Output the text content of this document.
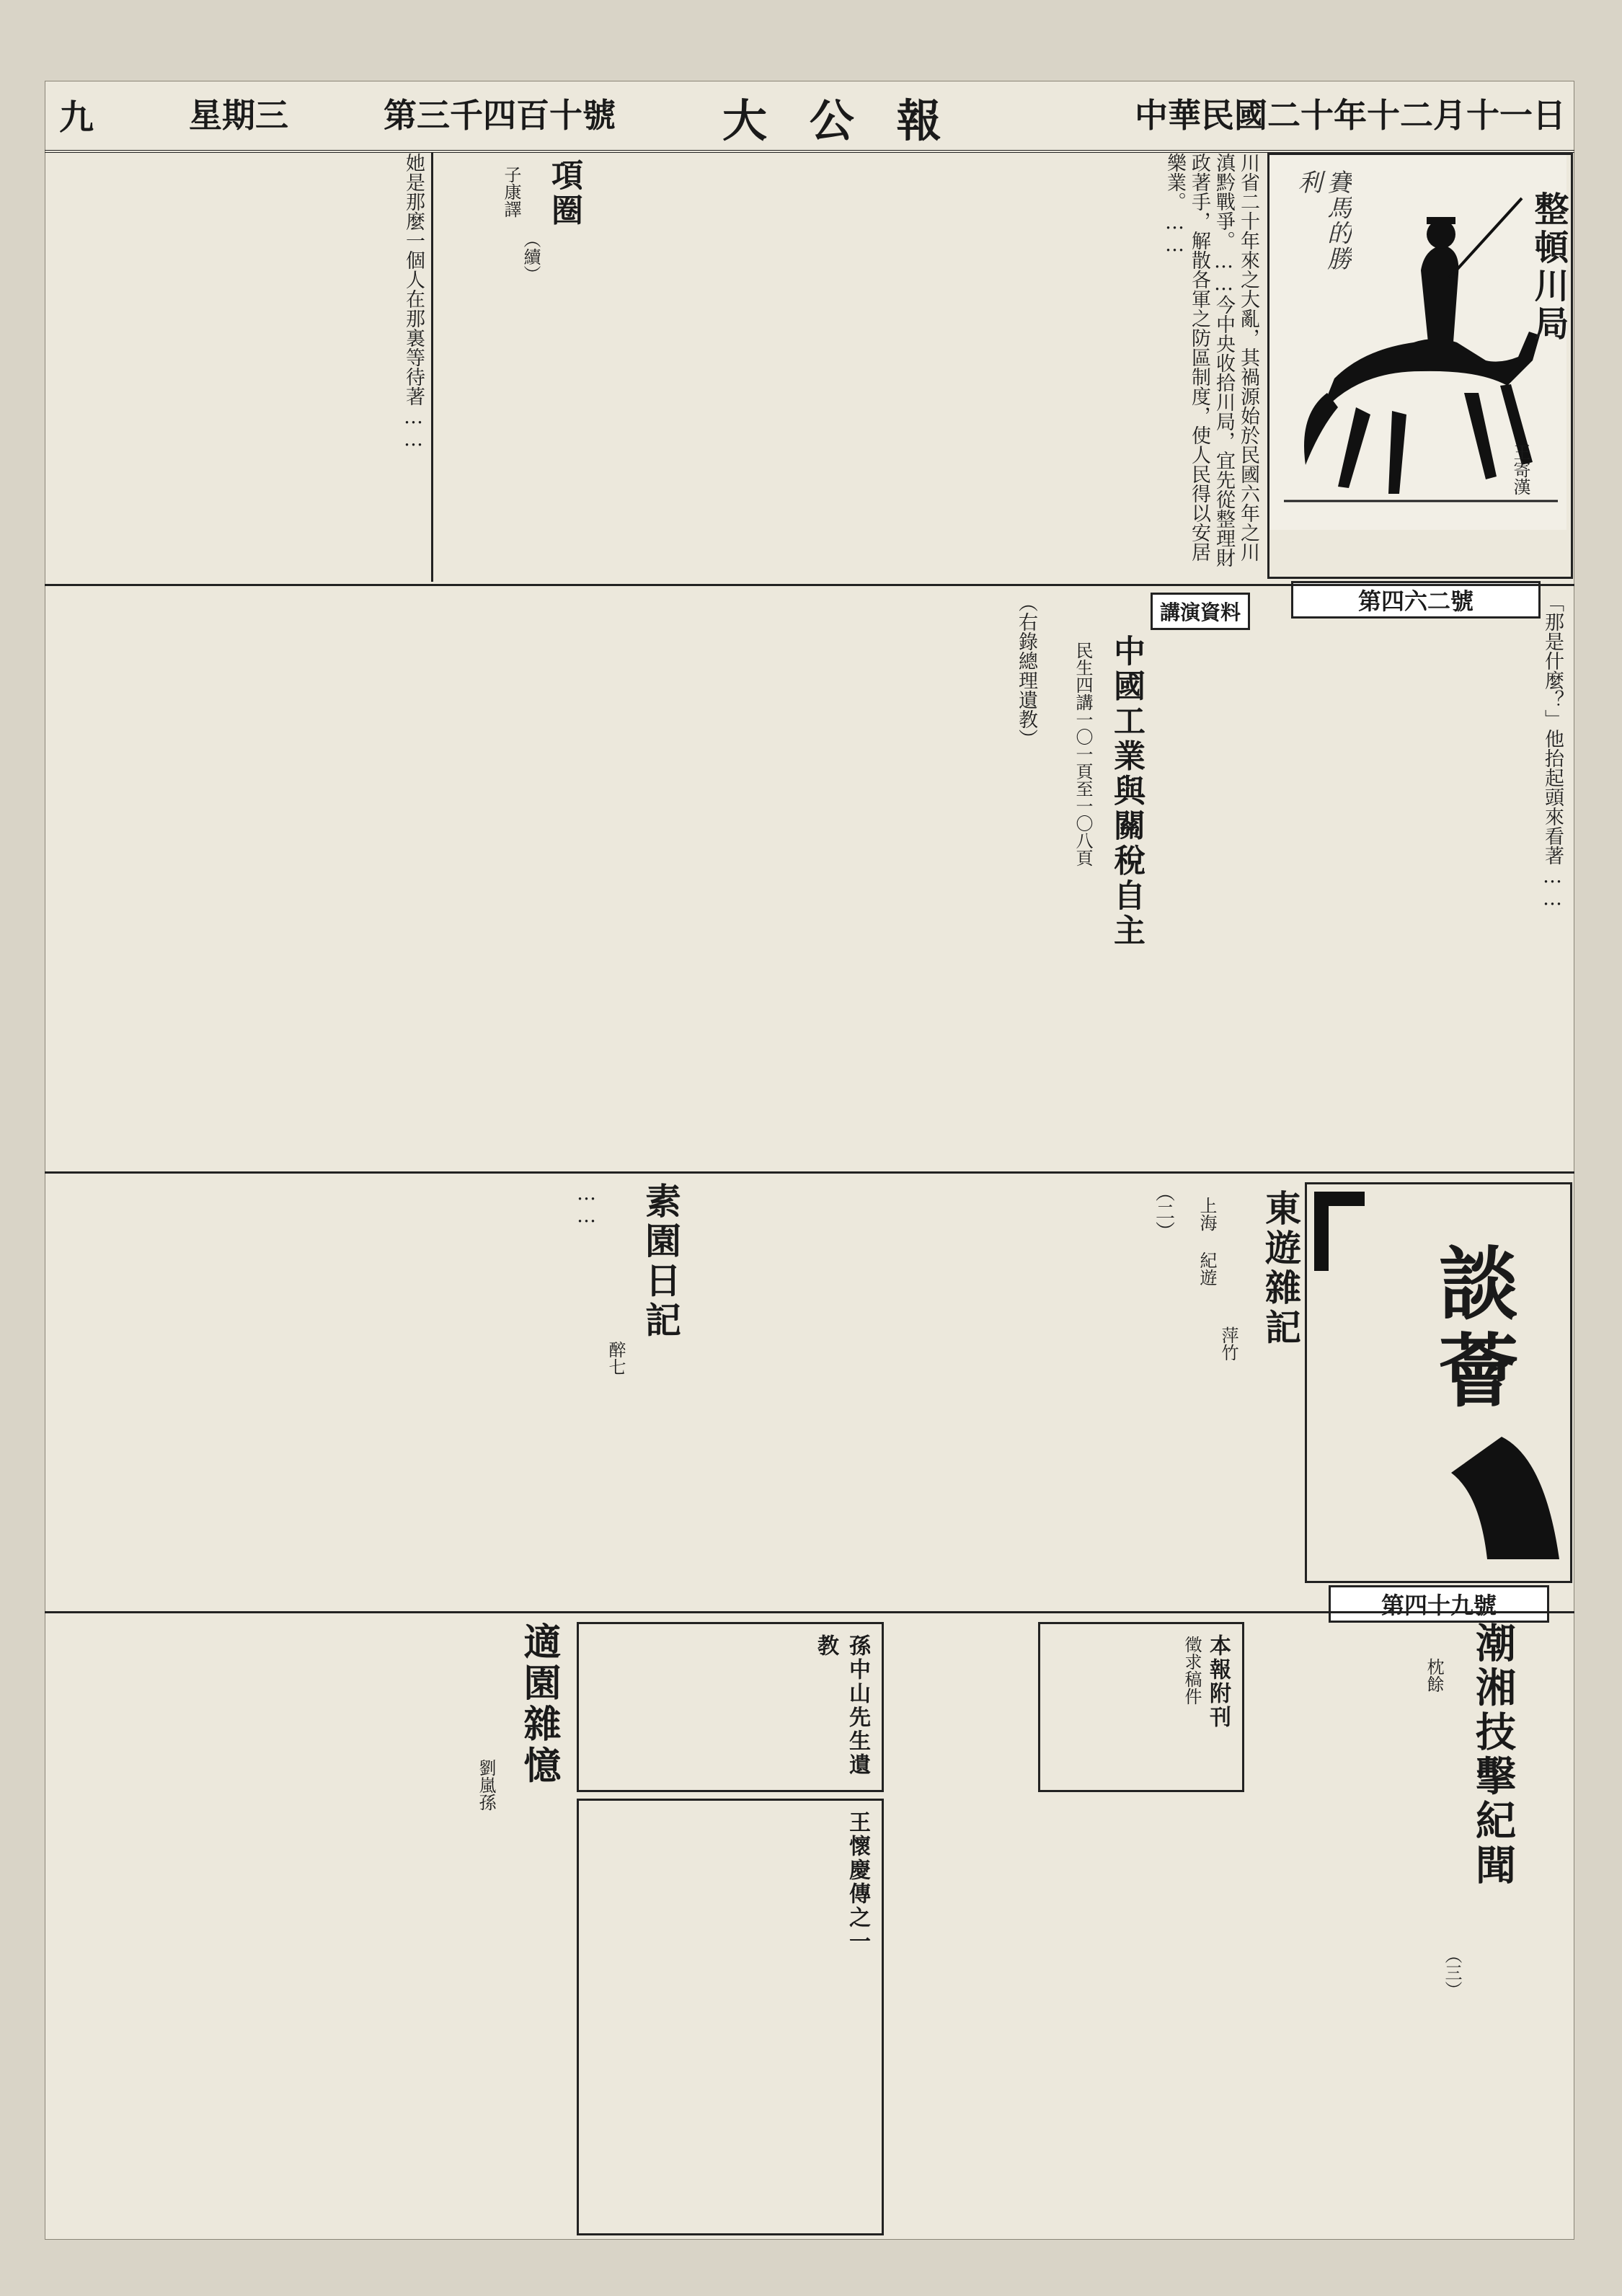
中華民國二十年十二月十一日
大 公 報
第三千四百十號
星期三
九
賽馬的勝利
整頓川局
王寄漢
第四六二號
川省二十年來之大亂，其禍源始於民國六年之川滇黔戰爭。……今中央收拾川局，宜先從整理財政著手，解散各軍之防區制度，使人民得以安居樂業。……
項圈
（續）
子康譯
她是那麼一個人在那裏等待著……
講演資料
中國工業與關稅自主
民生四講一〇一頁至一〇八頁
（右錄總理遺教）	「那是什麼？」他抬起頭來看著……
談薈
第四十九號
東遊雜記
萍竹
上海 紀遊
（二）
素園日記
醉七
……
適園雜憶
劉嵐孫
孫中山先生遺教
王懷慶傳之一
本報附刊
徵求稿件	潮湘技擊紀聞
（三）
枕餘
